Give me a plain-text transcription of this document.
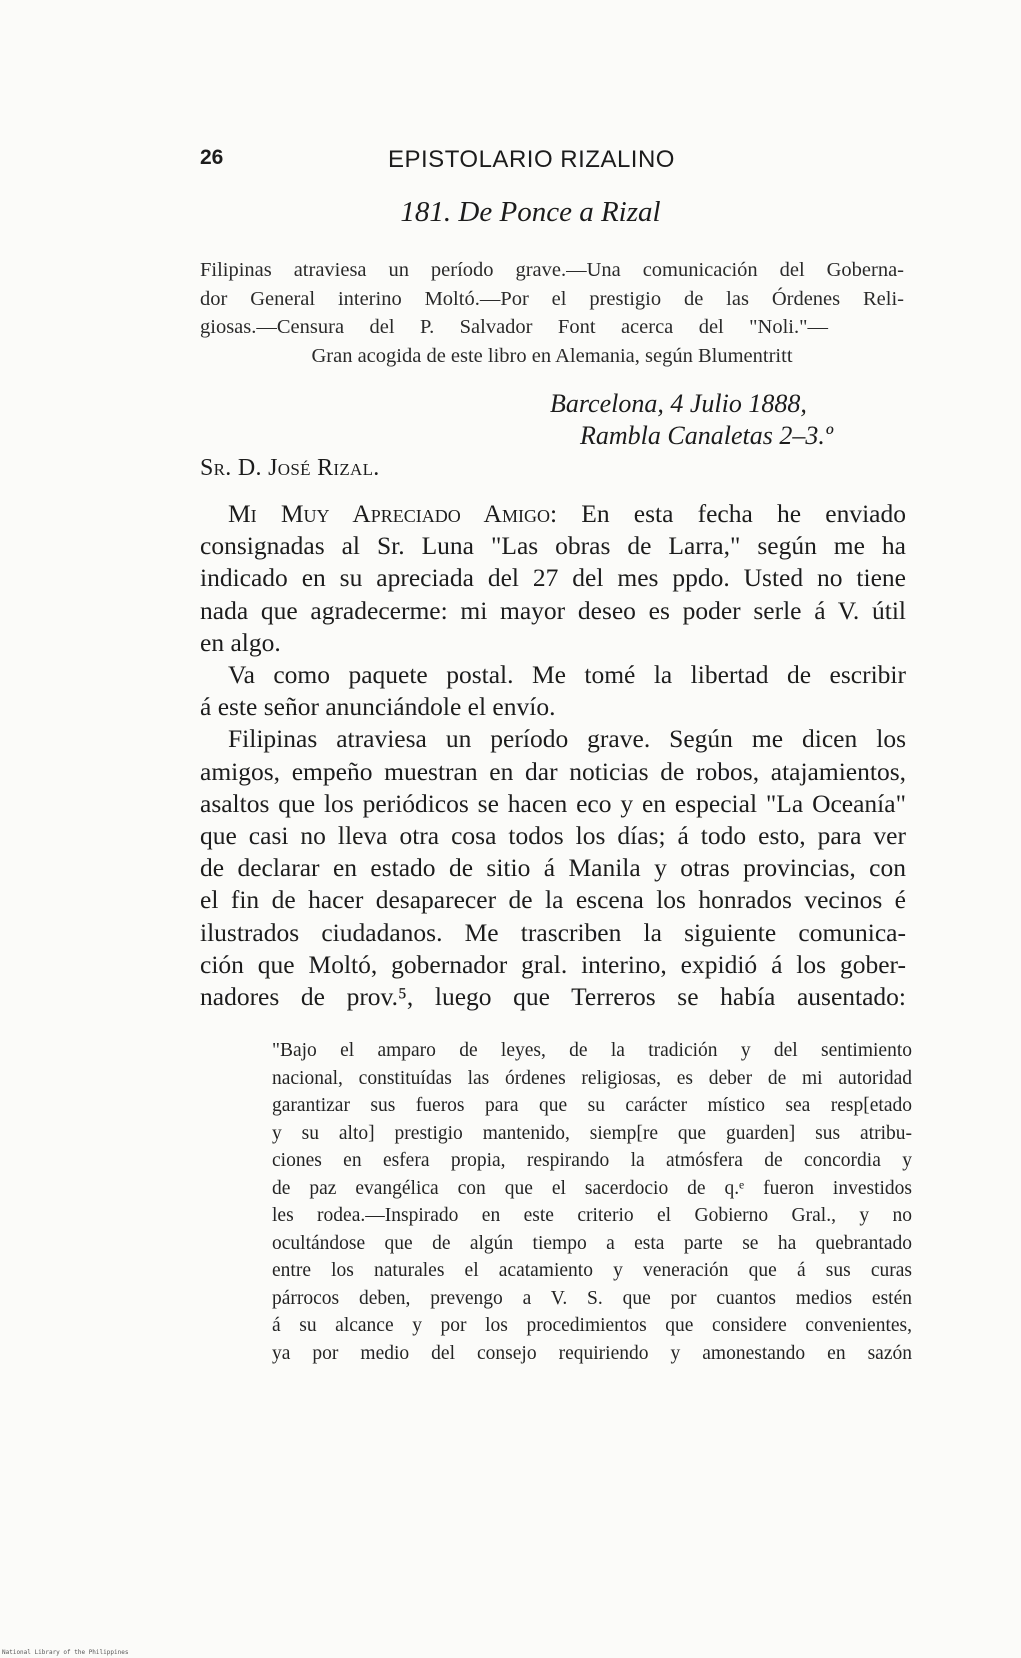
26	EPISTOLARIO RIZALINO
181. De Ponce a Rizal
Filipinas atraviesa un período grave.—Una comunicación del Goberna-
dor General interino Moltó.—Por el prestigio de las Órdenes Reli-
giosas.—Censura del P. Salvador Font acerca del "Noli."—
Gran acogida de este libro en Alemania, según Blumentritt
Barcelona, 4 Julio 1888,
Rambla Canaletas 2–3.º
Sr. D. José Rizal.
Mi Muy Apreciado Amigo: En esta fecha he enviado
consignadas al Sr. Luna "Las obras de Larra," según me ha
indicado en su apreciada del 27 del mes ppdo. Usted no tiene
nada que agradecerme: mi mayor deseo es poder serle á V. útil
en algo.
Va como paquete postal. Me tomé la libertad de escribir
á este señor anunciándole el envío.
Filipinas atraviesa un período grave. Según me dicen los
amigos, empeño muestran en dar noticias de robos, atajamientos,
asaltos que los periódicos se hacen eco y en especial "La Oceanía"
que casi no lleva otra cosa todos los días; á todo esto, para ver
de declarar en estado de sitio á Manila y otras provincias, con
el fin de hacer desaparecer de la escena los honrados vecinos é
ilustrados ciudadanos. Me trascriben la siguiente comunica-
ción que Moltó, gobernador gral. interino, expidió á los gober-
nadores de prov.⁵, luego que Terreros se había ausentado:
"Bajo el amparo de leyes, de la tradición y del sentimiento
nacional, constituídas las órdenes religiosas, es deber de mi autoridad
garantizar sus fueros para que su carácter místico sea resp[etado
y su alto] prestigio mantenido, siemp[re que guarden] sus atribu-
ciones en esfera propia, respirando la atmósfera de concordia y
de paz evangélica con que el sacerdocio de q.ᵉ fueron investidos
les rodea.—Inspirado en este criterio el Gobierno Gral., y no
ocultándose que de algún tiempo a esta parte se ha quebrantado
entre los naturales el acatamiento y veneración que á sus curas
párrocos deben, prevengo a V. S. que por cuantos medios estén
á su alcance y por los procedimientos que considere convenientes,
ya por medio del consejo requiriendo y amonestando en sazón
National Library of the Philippines
